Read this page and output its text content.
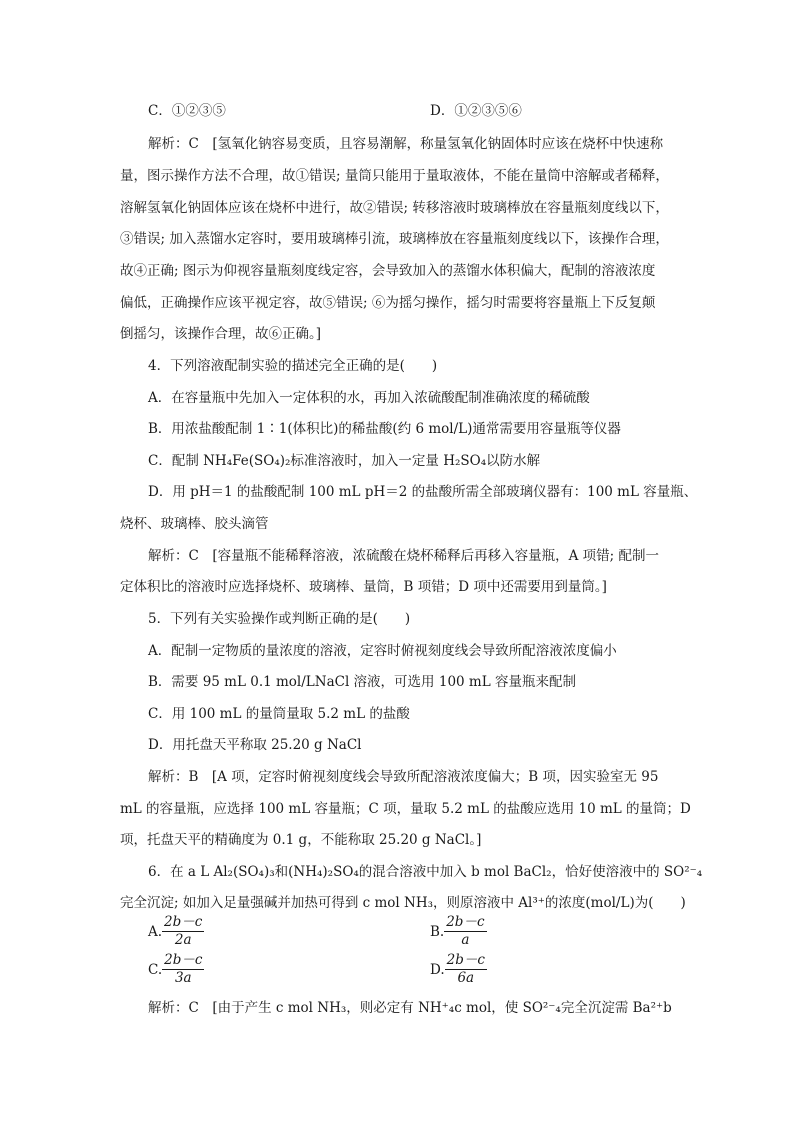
C．①②③⑤	D．①②③⑤⑥
解析：C　[氢氧化钠容易变质，且容易潮解，称量氢氧化钠固体时应该在烧杯中快速称
量，图示操作方法不合理，故①错误; 量筒只能用于量取液体，不能在量筒中溶解或者稀释，
溶解氢氧化钠固体应该在烧杯中进行，故②错误; 转移溶液时玻璃棒放在容量瓶刻度线以下，
③错误; 加入蒸馏水定容时，要用玻璃棒引流，玻璃棒放在容量瓶刻度线以下，该操作合理，
故④正确; 图示为仰视容量瓶刻度线定容，会导致加入的蒸馏水体积偏大，配制的溶液浓度
偏低，正确操作应该平视定容，故⑤错误; ⑥为摇匀操作，摇匀时需要将容量瓶上下反复颠
倒摇匀，该操作合理，故⑥正确。]
4．下列溶液配制实验的描述完全正确的是(　　)
A．在容量瓶中先加入一定体积的水，再加入浓硫酸配制准确浓度的稀硫酸
B．用浓盐酸配制 1∶1(体积比)的稀盐酸(约 6 mol/L)通常需要用容量瓶等仪器
C．配制 NH₄Fe(SO₄)₂标准溶液时，加入一定量 H₂SO₄以防水解
D．用 pH＝1 的盐酸配制 100 mL pH＝2 的盐酸所需全部玻璃仪器有：100 mL 容量瓶、
烧杯、玻璃棒、胶头滴管
解析：C　[容量瓶不能稀释溶液，浓硫酸在烧杯稀释后再移入容量瓶，A 项错; 配制一
定体积比的溶液时应选择烧杯、玻璃棒、量筒，B 项错；D 项中还需要用到量筒。]
5．下列有关实验操作或判断正确的是(　　)
A．配制一定物质的量浓度的溶液，定容时俯视刻度线会导致所配溶液浓度偏小
B．需要 95 mL 0.1 mol/LNaCl 溶液，可选用 100 mL 容量瓶来配制
C．用 100 mL 的量筒量取 5.2 mL 的盐酸
D．用托盘天平称取 25.20 g NaCl
解析：B　[A 项，定容时俯视刻度线会导致所配溶液浓度偏大；B 项，因实验室无 95
mL 的容量瓶，应选择 100 mL 容量瓶；C 项，量取 5.2 mL 的盐酸应选用 10 mL 的量筒；D
项，托盘天平的精确度为 0.1 g，不能称取 25.20 g NaCl。]
6．在 a L Al₂(SO₄)₃和(NH₄)₂SO₄的混合溶液中加入 b mol BaCl₂，恰好使溶液中的 SO²⁻₄
完全沉淀; 如加入足量强碱并加热可得到 c mol NH₃，则原溶液中 Al³⁺的浓度(mol/L)为(　　)
A. $\frac{2b-c}{2a}$	B. $\frac{2b-c}{a}$
C. $\frac{2b-c}{3a}$	D. $\frac{2b-c}{6a}$
解析：C　[由于产生 c mol NH₃，则必定有 NH⁺₄c mol，使 SO²⁻₄完全沉淀需 Ba²⁺b
